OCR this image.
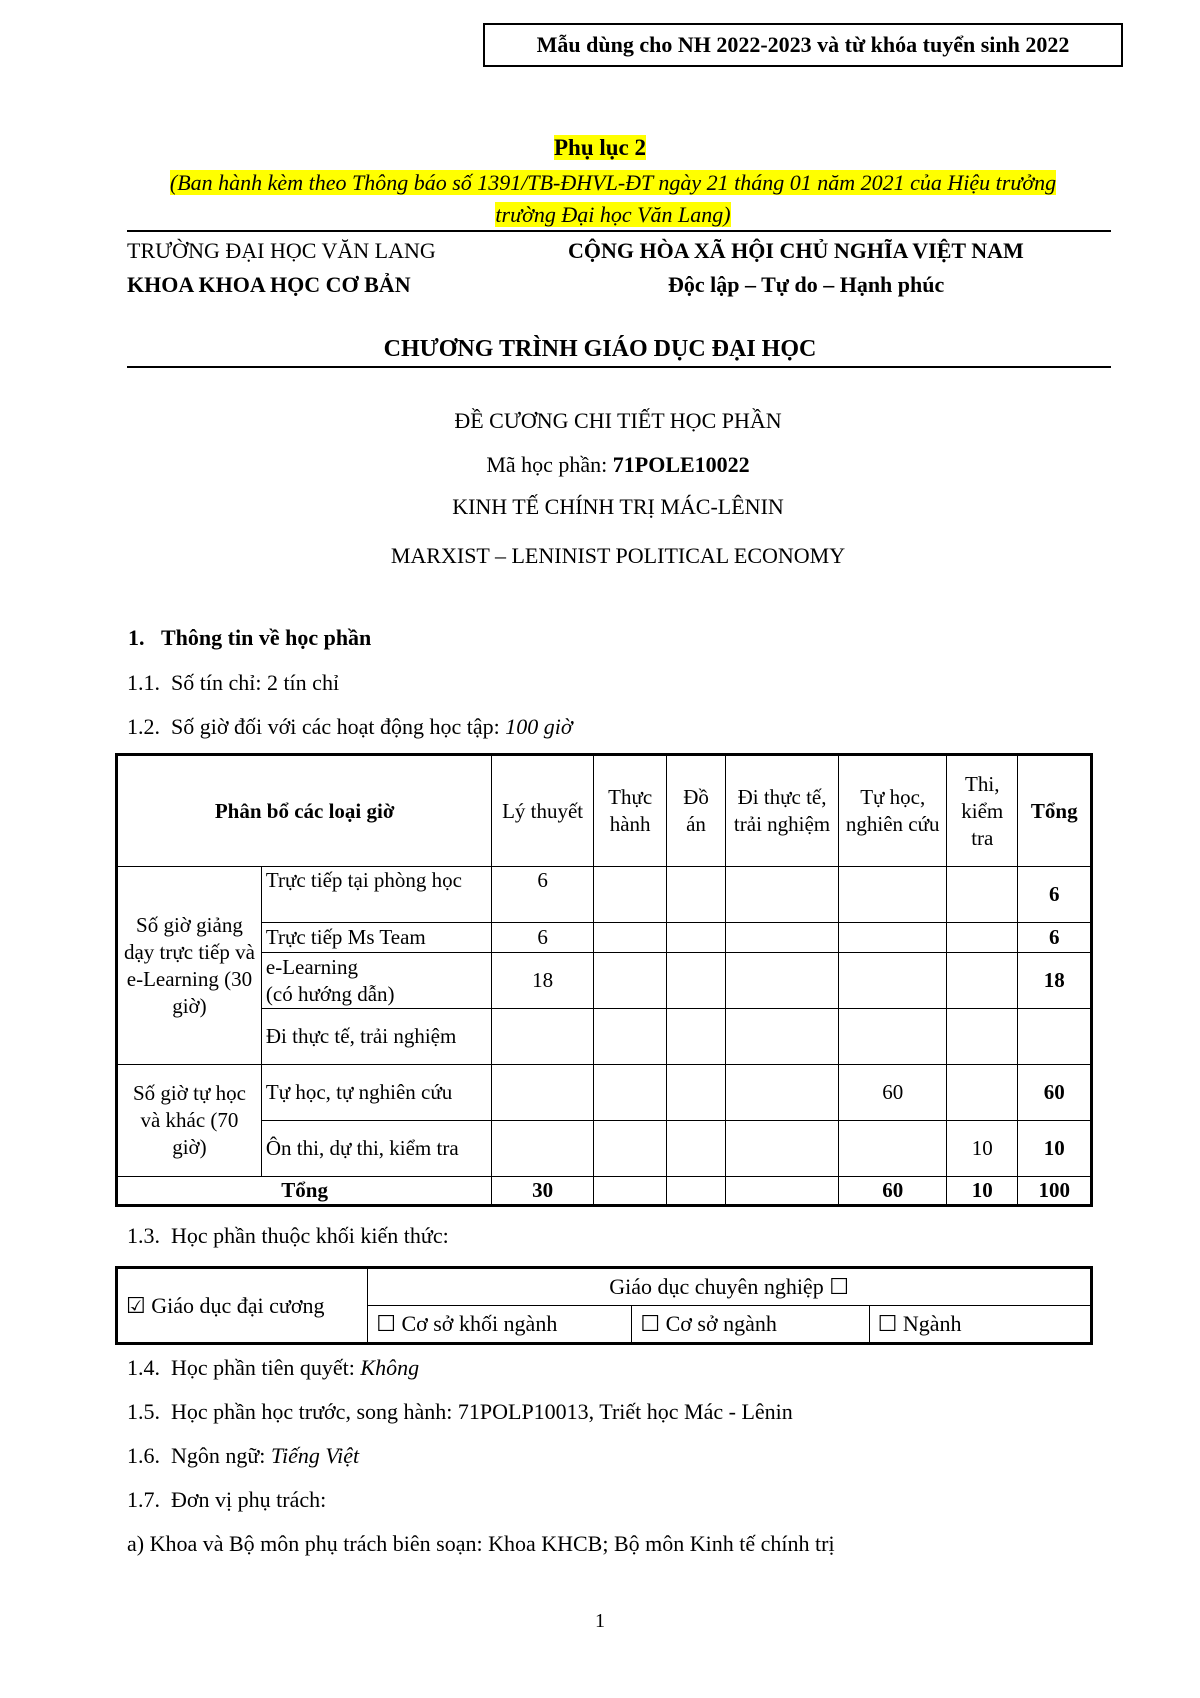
Mẫu dùng cho NH 2022-2023 và từ khóa tuyển sinh 2022
Phụ lục 2
(Ban hành kèm theo Thông báo số 1391/TB-ĐHVL-ĐT ngày 21 tháng 01 năm 2021 của Hiệu trưởng
trường Đại học Văn Lang)
TRƯỜNG ĐẠI HỌC VĂN LANG
KHOA KHOA HỌC CƠ BẢN
CỘNG HÒA XÃ HỘI CHỦ NGHĨA VIỆT NAM
Độc lập – Tự do – Hạnh phúc
CHƯƠNG TRÌNH GIÁO DỤC ĐẠI HỌC
ĐỀ CƯƠNG CHI TIẾT HỌC PHẦN
Mã học phần: 71POLE10022
KINH TẾ CHÍNH TRỊ MÁC-LÊNIN
MARXIST – LENINIST POLITICAL ECONOMY
1. Thông tin về học phần
1.1. Số tín chỉ: 2 tín chỉ
1.2. Số giờ đối với các hoạt động học tập: 100 giờ
Phân bổ các loại giờ		Lý thuyết	Thực hành	Đồ án	Đi thực tế, trải nghiệm	Tự học, nghiên cứu	Thi, kiểm tra	Tổng
Số giờ giảng dạy trực tiếp và e-Learning (30 giờ)	Trực tiếp tại phòng học	6						6
	Trực tiếp Ms Team	6						6
	e-Learning
(có hướng dẫn)	18						18
	Đi thực tế, trải nghiệm							
Số giờ tự học và khác (70 giờ)	Tự học, tự nghiên cứu					60		60
	Ôn thi, dự thi, kiểm tra						10	10
Tổng		30				60	10	100
1.3. Học phần thuộc khối kiến thức:
☑ Giáo dục đại cương	Giáo dục chuyên nghiệp ☐		
	☐ Cơ sở khối ngành	☐ Cơ sở ngành	☐ Ngành
1.4. Học phần tiên quyết: Không
1.5. Học phần học trước, song hành: 71POLP10013, Triết học Mác - Lênin
1.6. Ngôn ngữ: Tiếng Việt
1.7. Đơn vị phụ trách:
a) Khoa và Bộ môn phụ trách biên soạn: Khoa KHCB; Bộ môn Kinh tế chính trị
1
